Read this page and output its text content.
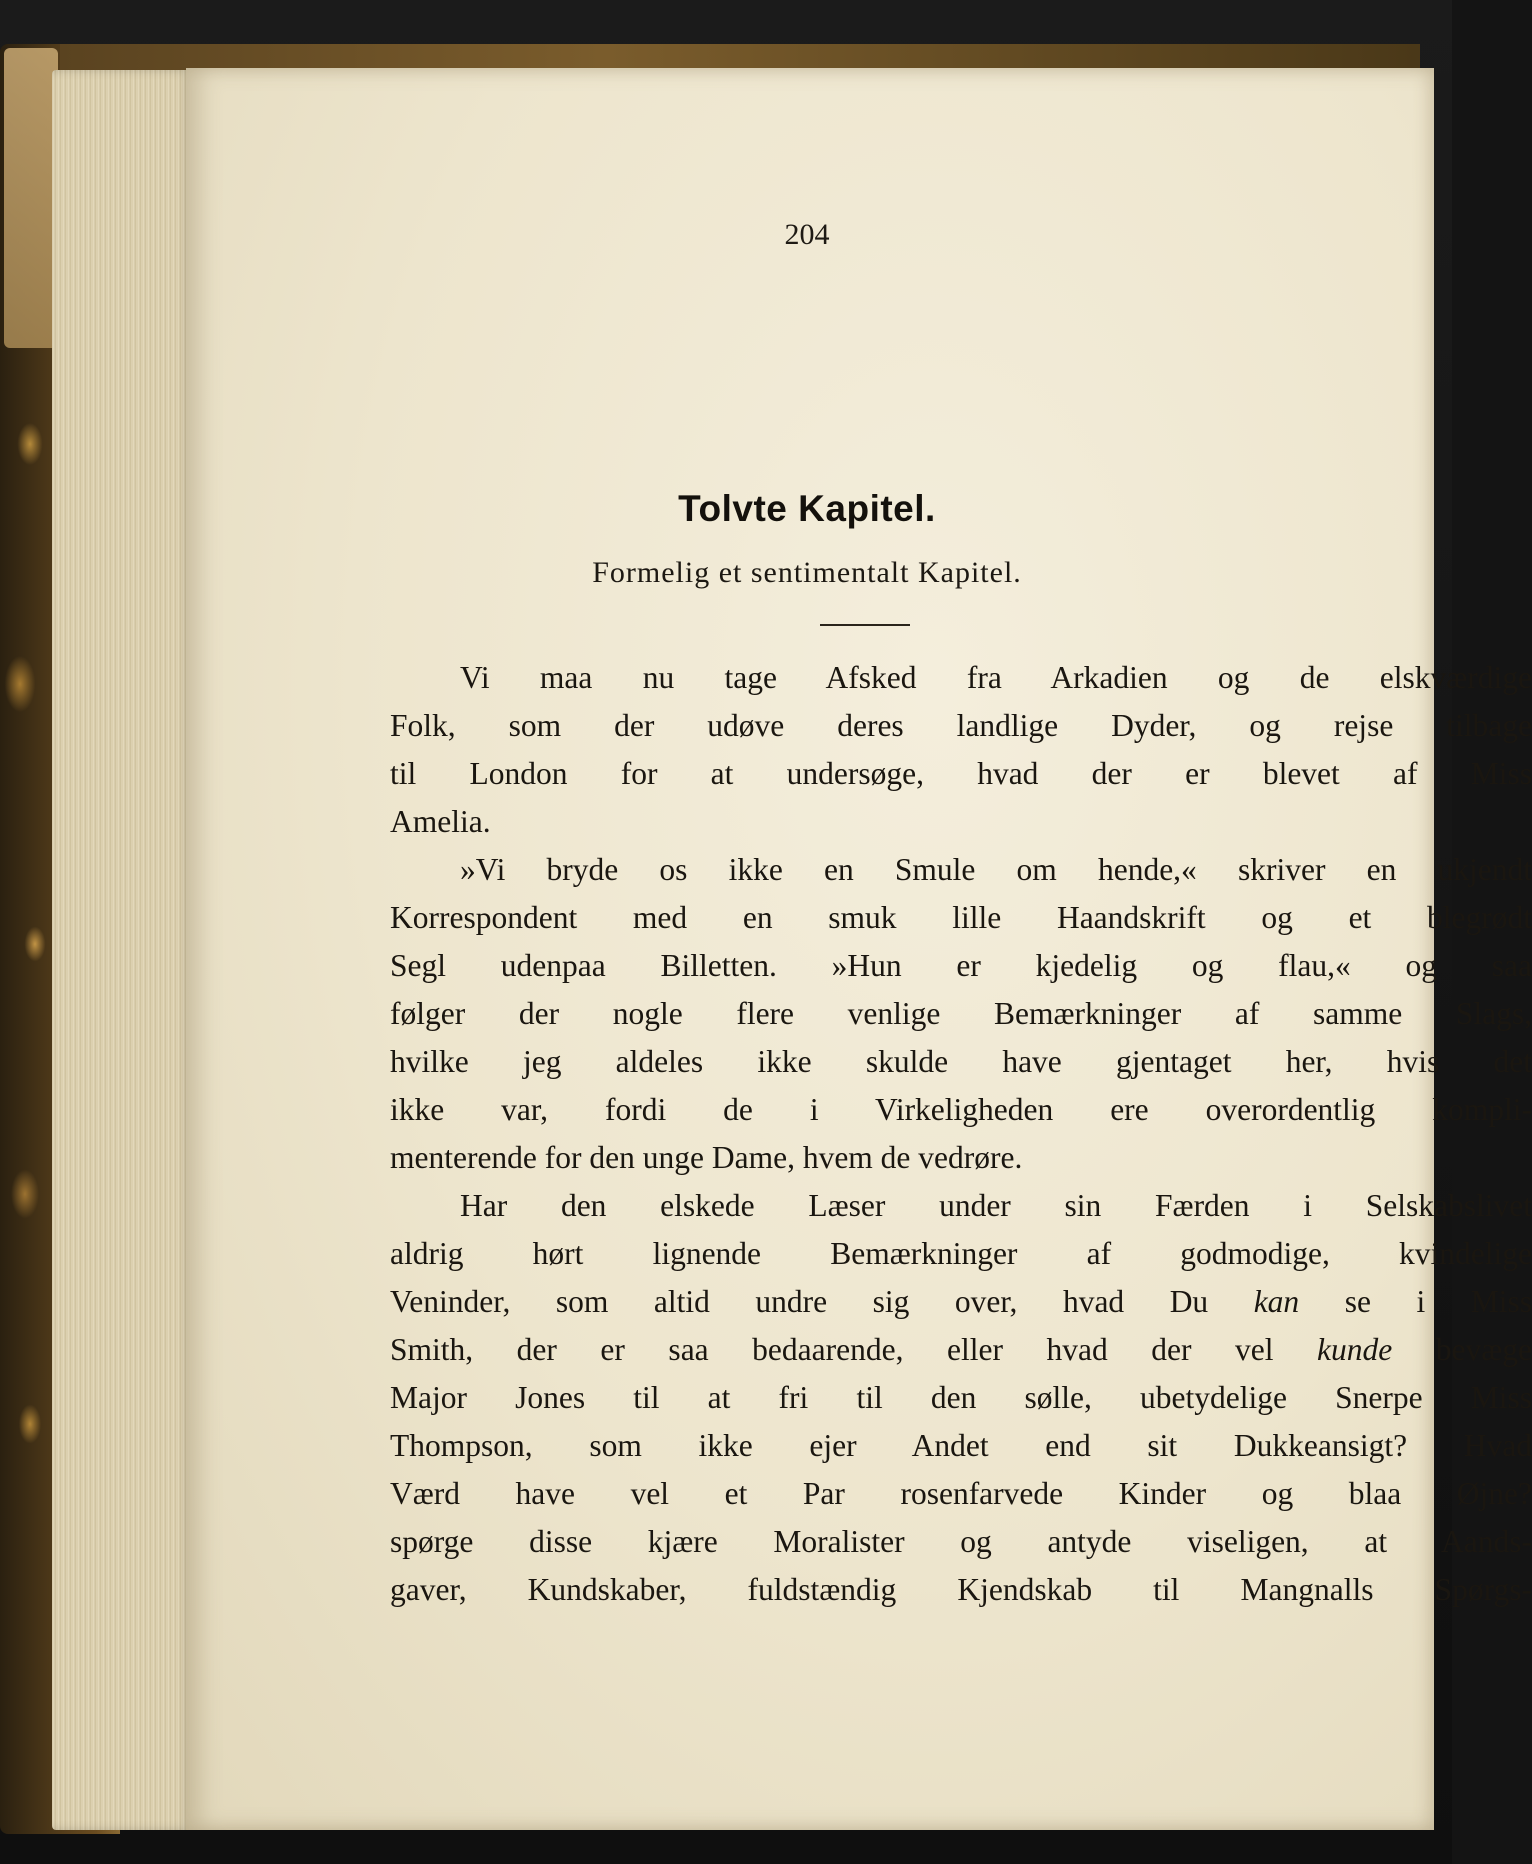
204
Tolvte Kapitel.
Formelig et sentimentalt Kapitel.
Vi maa nu tage Afsked fra Arkadien og de elskværdige
Folk, som der udøve deres landlige Dyder, og rejse tilbage
til London for at undersøge, hvad der er blevet af Miss
Amelia.
»Vi bryde os ikke en Smule om hende,« skriver en ukjendt
Korrespondent med en smuk lille Haandskrift og et blegrødt
Segl udenpaa Billetten. »Hun er kjedelig og flau,« og saa
følger der nogle flere venlige Bemærkninger af samme Slags,
hvilke jeg aldeles ikke skulde have gjentaget her, hvis det
ikke var, fordi de i Virkeligheden ere overordentlig kompli-
menterende for den unge Dame, hvem de vedrøre.
Har den elskede Læser under sin Færden i Selskabslivet
aldrig hørt lignende Bemærkninger af godmodige, kvindelige
Veninder, som altid undre sig over, hvad Du kan se i Miss
Smith, der er saa bedaarende, eller hvad der vel kunde bevæge
Major Jones til at fri til den sølle, ubetydelige Snerpe Miss
Thompson, som ikke ejer Andet end sit Dukkeansigt? Hvad
Værd have vel et Par rosenfarvede Kinder og blaa Øjne?
spørge disse kjære Moralister og antyde viseligen, at Aands-
gaver, Kundskaber, fuldstændig Kjendskab til Mangnalls Spørgs-
